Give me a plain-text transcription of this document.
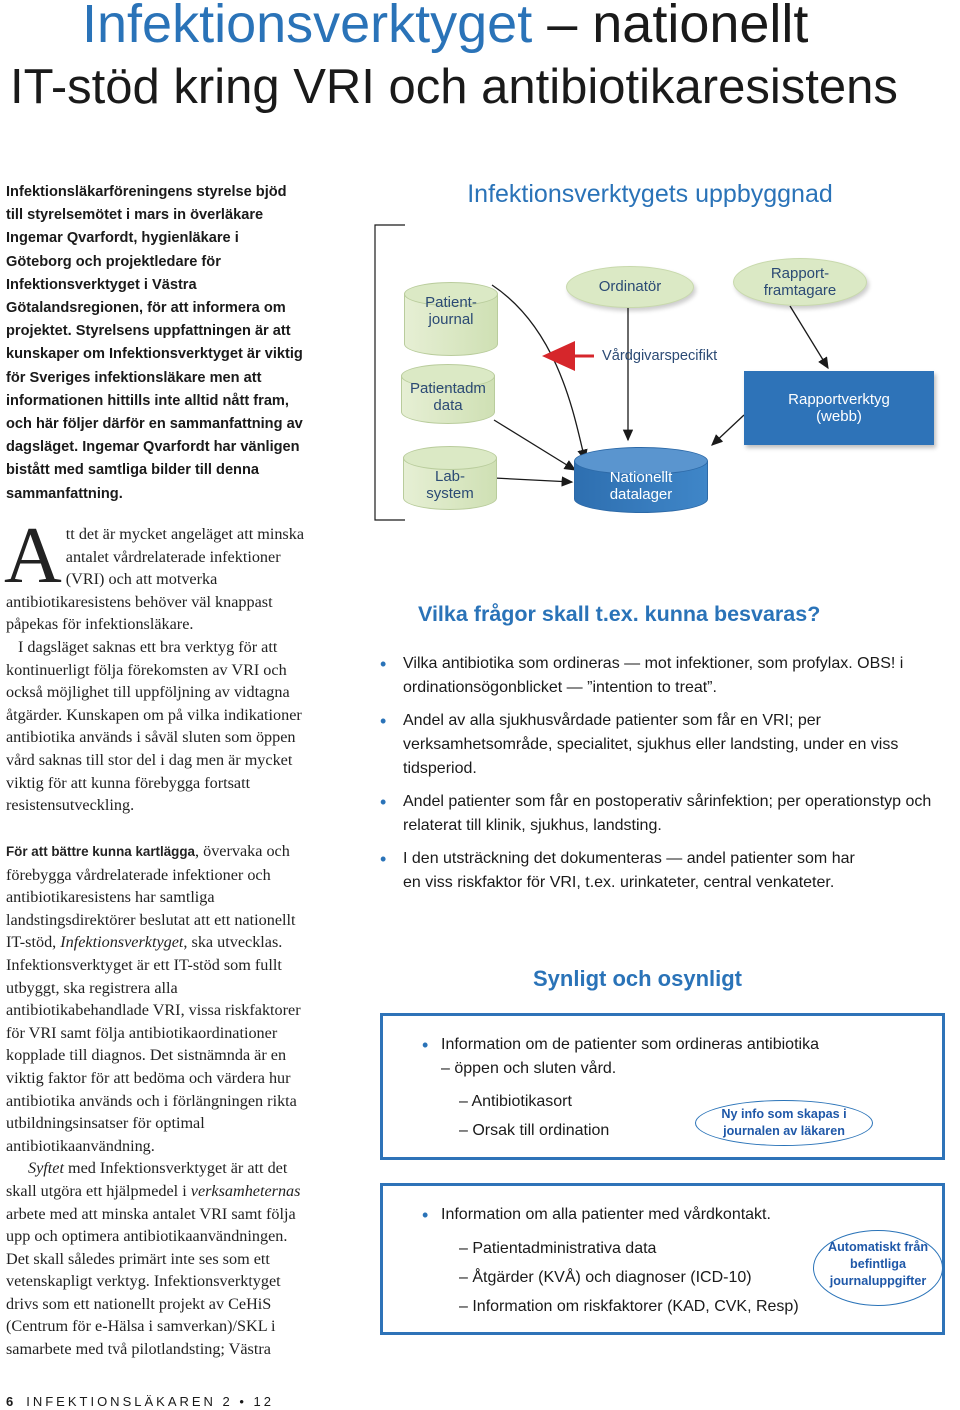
Infektionsverktyget – nationellt
IT-stöd kring VRI och antibiotikaresistens
Infektionsläkarföreningens styrelse bjöd till styrelsemötet i mars in överläkare Ingemar Qvarfordt, hygienläkare i Göteborg och projektledare för Infektionsverktyget i Västra Götalandsregionen, för att informera om projektet. Styrelsens uppfattningen är att kunskaper om Infektionsverktyget är viktig för Sveriges infektionsläkare men att informationen hittills inte alltid nått fram, och här följer därför en sammanfattning av dagsläget. Ingemar Qvarfordt har vänligen bistått med samtliga bilder till denna sammanfattning.

Att det är mycket angeläget att minska antalet vårdrelaterade infektioner (VRI) och att motverka antibiotikaresistens behöver väl knappast påpekas för infektionsläkare.

I dagsläget saknas ett bra verktyg för att kontinuerligt följa förekomsten av VRI och också möjlighet till uppföljning av vidtagna åtgärder. Kunskapen om på vilka indikationer antibiotika används i såväl sluten som öppen vård saknas till stor del i dag men är mycket viktig för att kunna förebygga fortsatt resistensutveckling.

För att bättre kunna kartlägga, övervaka och förebygga vårdrelaterade infektioner och antibiotikaresistens har samtliga landstingsdirektörer beslutat att ett nationellt IT-stöd, Infektionsverktyget, ska utvecklas. Infektionsverktyget är ett IT-stöd som fullt utbyggt, ska registrera alla antibiotikabehandlade VRI, vissa riskfaktorer för VRI samt följa antibiotikaordinationer kopplade till diagnos. Det sistnämnda är en viktig faktor för att bedöma och värdera hur antibiotika används och i förlängningen rikta utbildningsinsatser för optimal antibiotikaanvändning.

Syftet med Infektionsverktyget är att det skall utgöra ett hjälpmedel i verksamheternas arbete med att minska antalet VRI samt följa upp och optimera antibiotikaanvändningen. Det skall således primärt inte ses som ett vetenskapligt verktyg. Infektionsverktyget drivs som ett nationellt projekt av CeHiS (Centrum för e-Hälsa i samverkan)/SKL i samarbete med två pilotlandsting; Västra

Infektionsverktygets uppbyggnad
Patient-
journal
Patientadm
data
Lab-
system
Ordinatör
Rapport-
framtagare
Vårdgivarspecifikt
Nationellt
datalager
Rapportverktyg
(webb)
Vilka frågor skall t.ex. kunna besvaras?
• Vilka antibiotika som ordineras — mot infektioner, som profylax. OBS! i ordinationsögonblicket — ”intention to treat”.
• Andel av alla sjukhusvårdade patienter som får en VRI; per verksamhetsområde, specialitet, sjukhus eller landsting, under en viss tidsperiod.
• Andel patienter som får en postoperativ sårinfektion; per operationstyp och relaterat till klinik, sjukhus, landsting.
• I den utsträckning det dokumenteras — andel patienter som har en viss riskfaktor för VRI, t.ex. urinkateter, central venkateter.
Synligt och osynligt
• Information om de patienter som ordineras antibiotika – öppen och sluten vård.
– Antibiotikasort
– Orsak till ordination
Ny info som skapas i journalen av läkaren
• Information om alla patienter med vårdkontakt.
– Patientadministrativa data
– Åtgärder (KVÅ) och diagnoser (ICD-10)
– Information om riskfaktorer (KAD, CVK, Resp)
Automatiskt från befintliga journaluppgifter
6 INFEKTIONSLÄKAREN 2 • 12
